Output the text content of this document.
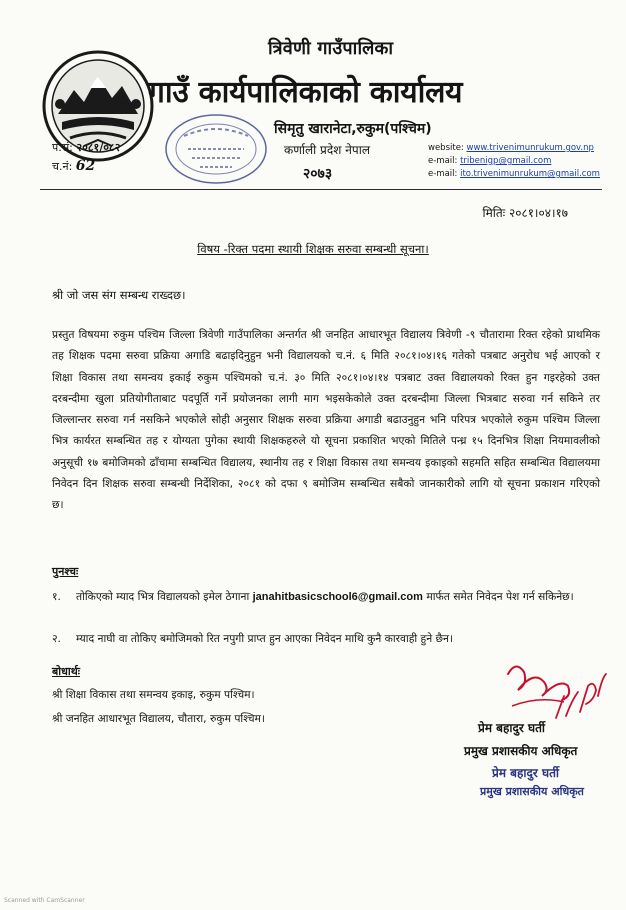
त्रिवेणी गाउँपालिका
गाउँ कार्यपालिकाको कार्यालय
सिमृतु खारानेटा,रुकुम(पश्चिम)
कर्णाली प्रदेश नेपाल
२०७३
पं.सं: २०८१/०८२
च.नं: 62
website: www.trivenimunrukum.gov.np
e-mail: tribenigp@gmail.com
e-mail: ito.trivenimunrukum@gmail.com
मितिः २०८१।०४।१७
विषय -रिक्त पदमा स्थायी शिक्षक सरुवा सम्बन्धी सूचना।
श्री जो जस संग सम्बन्ध राख्दछ।
प्रस्तुत विषयमा रुकुम पश्चिम जिल्ला त्रिवेणी गाउँपालिका अन्तर्गत श्री जनहित आधारभूत विद्यालय त्रिवेणी -९ चौतारामा रिक्त रहेको प्राथमिक तह शिक्षक पदमा सरुवा प्रक्रिया अगाडि बढाइदिनुहुन भनी विद्यालयको च.नं. ६ मिति २०८१।०४।१६ गतेको पत्रबाट अनुरोध भई आएको र शिक्षा विकास तथा समन्वय इकाई रुकुम पश्चिमको च.नं. ३० मिति २०८१।०४।१४ पत्रबाट उक्त विद्यालयको रिक्त हुन गइरहेको उक्त दरबन्दीमा खुला प्रतियोगीताबाट पदपूर्ति गर्ने प्रयोजनका लागी माग भइसकेकोले उक्त दरबन्दीमा जिल्ला भित्रबाट सरुवा गर्न सकिने तर जिल्लान्तर सरुवा गर्न नसकिने भएकोले सोही अनुसार शिक्षक सरुवा प्रक्रिया अगाडी बढाउनुहुन भनि परिपत्र भएकोले रुकुम पश्चिम जिल्ला भित्र कार्यरत सम्बन्धित तह र योग्यता पुगेका स्थायी शिक्षकहरुले यो सूचना प्रकाशित भएको मितिले पन्ध्र १५ दिनभित्र शिक्षा नियमावलीको अनुसूची १७ बमोजिमको ढाँचामा सम्बन्धित विद्यालय, स्थानीय तह र शिक्षा विकास तथा समन्वय इकाइको सहमति सहित सम्बन्धित विद्यालयमा निवेदन दिन शिक्षक सरुवा सम्बन्धी निर्देशिका, २०८१ को दफा ९ बमोजिम सम्बन्धित सबैको जानकारीको लागि यो सूचना प्रकाशन गरिएको छ।
पुनश्चः
१. तोकिएको म्याद भित्र विद्यालयको इमेल ठेगाना janahitbasicschool6@gmail.com मार्फत समेत निवेदन पेश गर्न सकिनेछ।
२. म्याद नाघी वा तोकिए बमोजिमको रित नपुगी प्राप्त हुन आएका निवेदन माथि कुनै कारवाही हुने छैन।
बोधार्थः
श्री शिक्षा विकास तथा समन्वय इकाइ, रुकुम पश्चिम।
श्री जनहित आधारभूत विद्यालय, चौतारा, रुकुम पश्चिम।
प्रेम बहादुर घर्ती
प्रमुख प्रशासकीय अधिकृत
प्रेम बहादुर घर्ती
प्रमुख प्रशासकीय अधिकृत
Scanned with CamScanner
